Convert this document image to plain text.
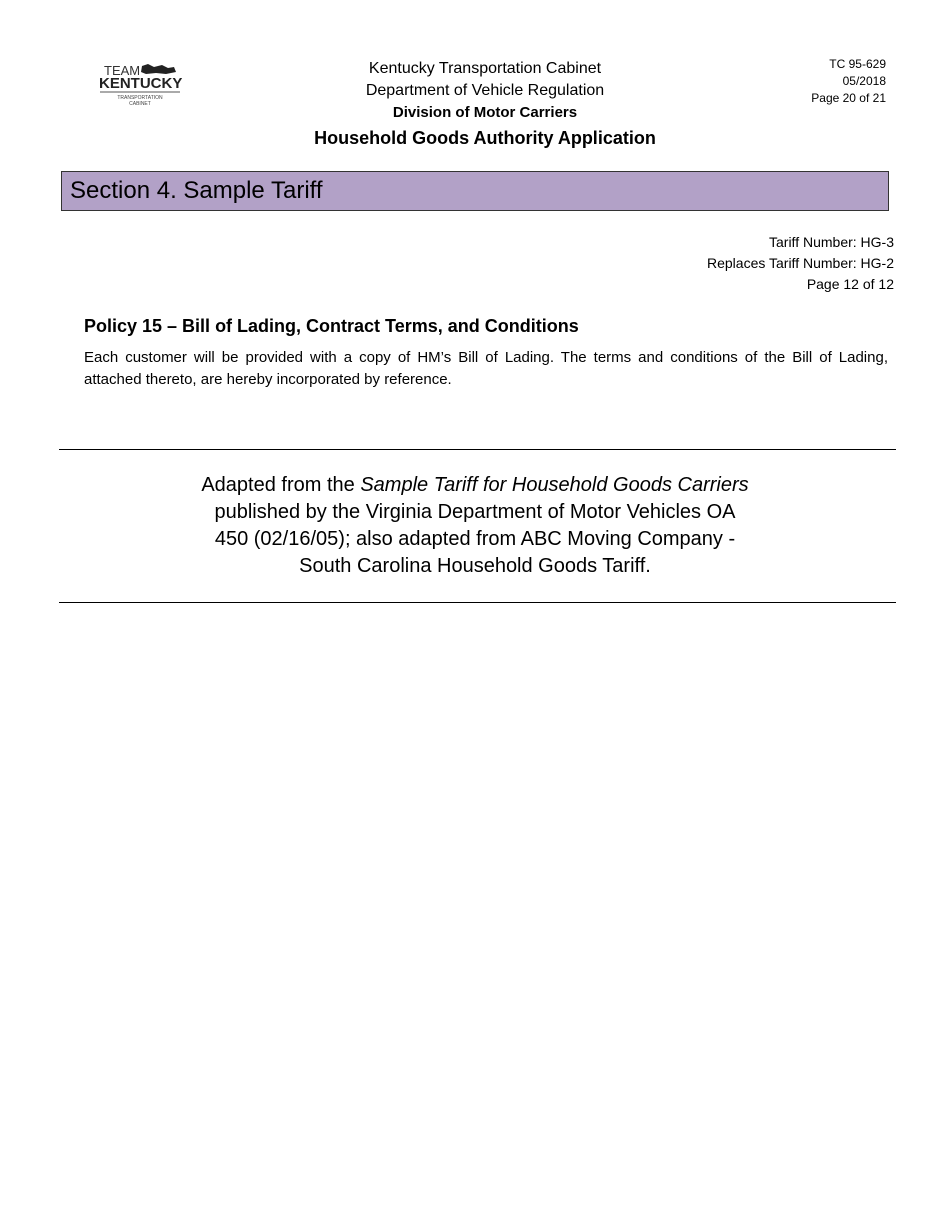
TEAM
KENTUCKY
TRANSPORTATION
CABINET
Kentucky Transportation Cabinet
Department of Vehicle Regulation
Division of Motor Carriers
Household Goods Authority Application
TC 95-629
05/2018
Page 20 of 21
Section 4. Sample Tariff
Tariff Number: HG-3
Replaces Tariff Number: HG-2
Page 12 of 12
Policy 15 – Bill of Lading, Contract Terms, and Conditions
Each customer will be provided with a copy of HM’s Bill of Lading. The terms and conditions of the Bill of Lading, attached thereto, are hereby incorporated by reference.
Adapted from the Sample Tariff for Household Goods Carriers published by the Virginia Department of Motor Vehicles OA 450 (02/16/05); also adapted from ABC Moving Company - South Carolina Household Goods Tariff.
